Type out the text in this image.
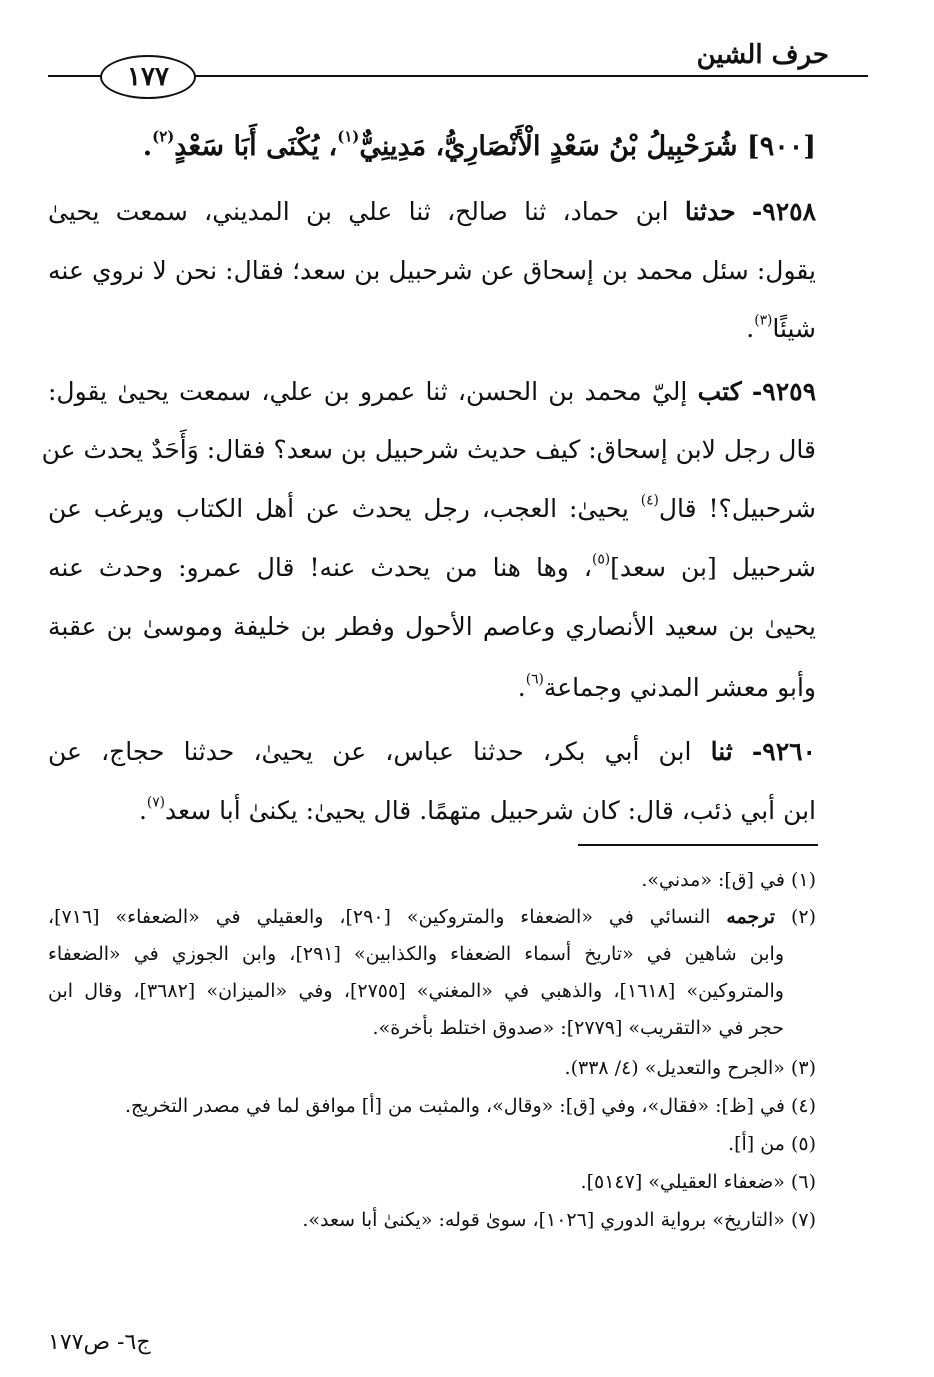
حرف الشين
١٧٧
[٩٠٠] شُرَحْبِيلُ بْنُ سَعْدٍ الْأَنْصَارِيُّ، مَدِينِيٌّ$^{(١)}$، يُكْنَى أَبَا سَعْدٍ$^{(٢)}$.
٩٢٥٨- حدثنا ابن حماد، ثنا صالح، ثنا علي بن المديني، سمعت يحيىٰ
يقول: سئل محمد بن إسحاق عن شرحبيل بن سعد؛ فقال: نحن لا نروي عنه
شيئًا$^{(٣)}$.
٩٢٥٩- كتب إليّ محمد بن الحسن، ثنا عمرو بن علي، سمعت يحيىٰ يقول:
قال رجل لابن إسحاق: كيف حديث شرحبيل بن سعد؟ فقال: وَأَحَدٌ يحدث عن
شرحبيل؟! قال$^{(٤)}$ يحيىٰ: العجب، رجل يحدث عن أهل الكتاب ويرغب عن
شرحبيل [بن سعد]$^{(٥)}$، وها هنا من يحدث عنه! قال عمرو: وحدث عنه
يحيىٰ بن سعيد الأنصاري وعاصم الأحول وفطر بن خليفة وموسىٰ بن عقبة
وأبو معشر المدني وجماعة$^{(٦)}$.
٩٢٦٠- ثنا ابن أبي بكر، حدثنا عباس، عن يحيىٰ، حدثنا حجاج، عن
ابن أبي ذئب، قال: كان شرحبيل متهمًا. قال يحيىٰ: يكنىٰ أبا سعد$^{(٧)}$.
(١) في [ق]: «مدني».
(٢) ترجمه النسائي في «الضعفاء والمتروكين» [٢٩٠]، والعقيلي في «الضعفاء» [٧١٦]،
وابن شاهين في «تاريخ أسماء الضعفاء والكذابين» [٢٩١]، وابن الجوزي في «الضعفاء
والمتروكين» [١٦١٨]، والذهبي في «المغني» [٢٧٥٥]، وفي «الميزان» [٣٦٨٢]، وقال ابن
حجر في «التقريب» [٢٧٧٩]: «صدوق اختلط بأخرة».
(٣) «الجرح والتعديل» (٤/ ٣٣٨).
(٤) في [ظ]: «فقال»، وفي [ق]: «وقال»، والمثبت من [أ] موافق لما في مصدر التخريج.
(٥) من [أ].
(٦) «ضعفاء العقيلي» [٥١٤٧].
(٧) «التاريخ» برواية الدوري [١٠٢٦]، سوىٰ قوله: «يكنىٰ أبا سعد».
ج٦- ص١٧٧
